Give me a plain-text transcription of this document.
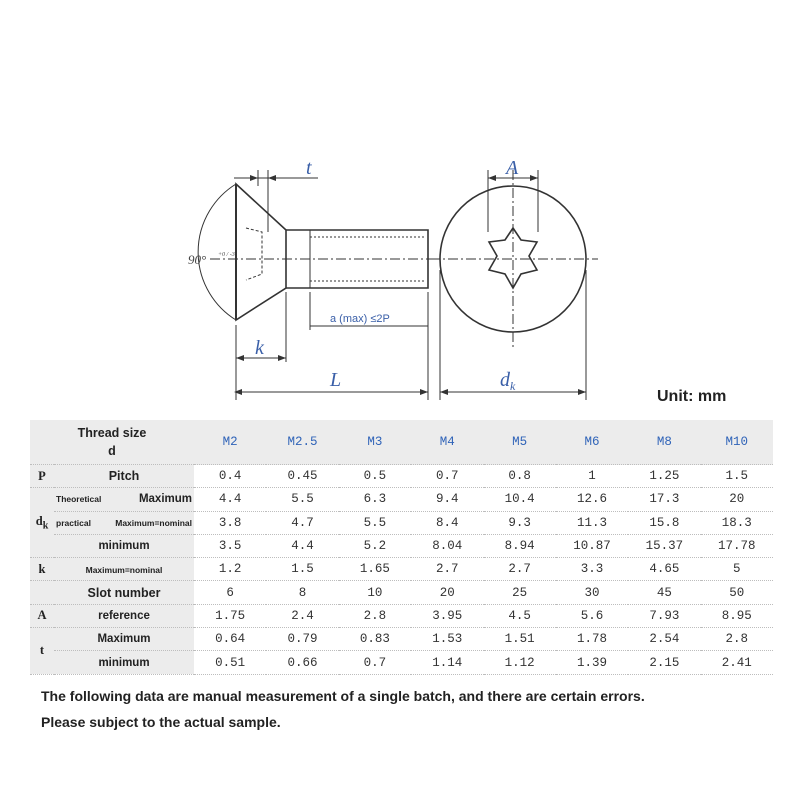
t	A
k
L	$d_k$
90° +0 / -3
a (max) ≤2P
Unit: mm
Thread size
d		M2	M2.5	M3	M4	M5	M6	M8	M10
P	Pitch	0.4	0.45	0.5	0.7	0.8	1	1.25	1.5
$d_k$	Theoretical Maximum	4.4	5.5	6.3	9.4	10.4	12.6	17.3	20

	practical Maximum=nominal	3.8	4.7	5.5	8.4	9.3	11.3	15.8	18.3
	minimum	3.5	4.4	5.2	8.04	8.94	10.87	15.37	17.78
k	Maximum=nominal	1.2	1.5	1.65	2.7	2.7	3.3	4.65	5
	Slot number	6	8	10	20	25	30	45	50
A	reference	1.75	2.4	2.8	3.95	4.5	5.6	7.93	8.95
t	Maximum	0.64	0.79	0.83	1.53	1.51	1.78	2.54	2.8
	minimum	0.51	0.66	0.7	1.14	1.12	1.39	2.15	2.41
The following data are manual measurement of a single batch, and there are certain errors.
Please subject to the actual sample.
